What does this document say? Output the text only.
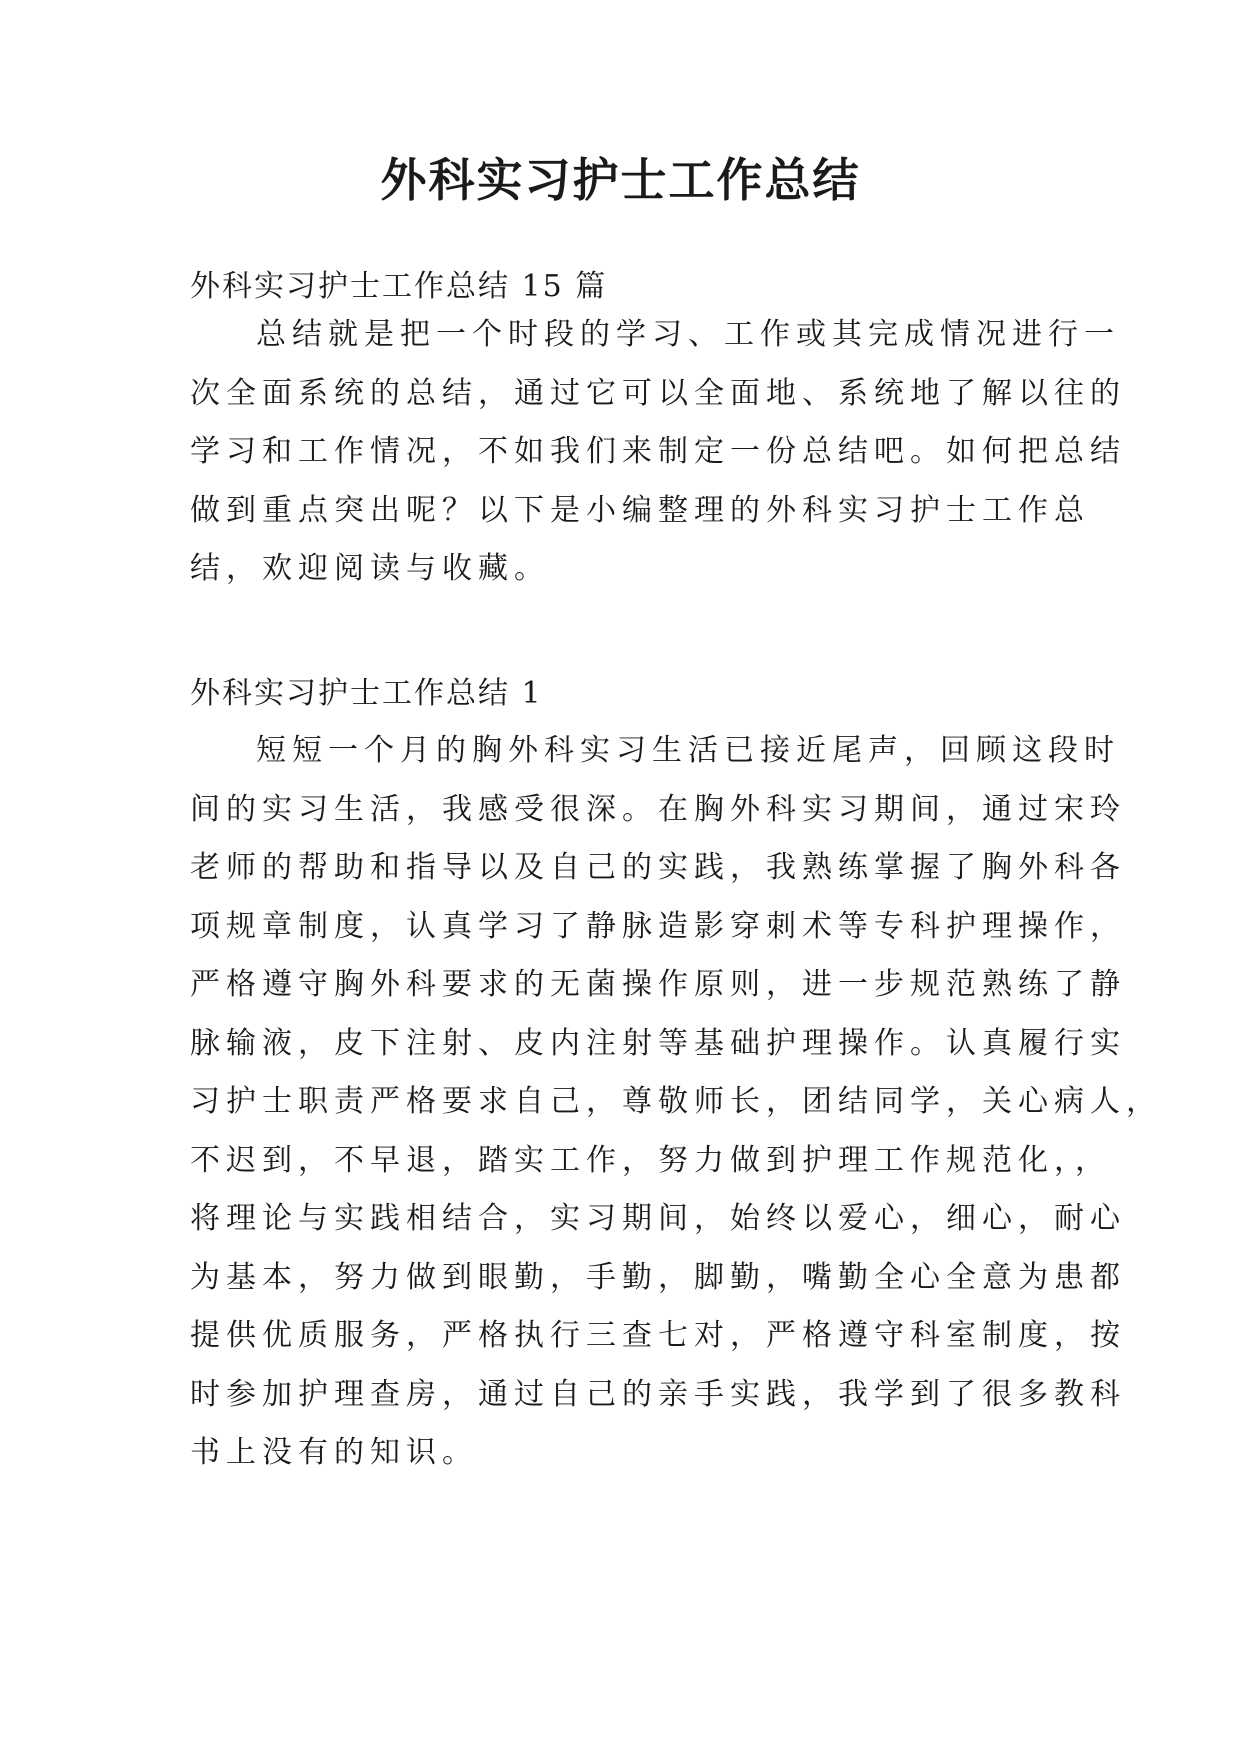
外科实习护士工作总结

外科实习护士工作总结 15 篇

总结就是把一个时段的学习、工作或其完成情况进行一
次全面系统的总结，通过它可以全面地、系统地了解以往的
学习和工作情况，不如我们来制定一份总结吧。如何把总结
做到重点突出呢？以下是小编整理的外科实习护士工作总
结，欢迎阅读与收藏。

外科实习护士工作总结 1

短短一个月的胸外科实习生活已接近尾声，回顾这段时
间的实习生活，我感受很深。在胸外科实习期间，通过宋玲
老师的帮助和指导以及自己的实践，我熟练掌握了胸外科各
项规章制度，认真学习了静脉造影穿刺术等专科护理操作，
严格遵守胸外科要求的无菌操作原则，进一步规范熟练了静
脉输液，皮下注射、皮内注射等基础护理操作。认真履行实
习护士职责严格要求自己，尊敬师长，团结同学，关心病人，
不迟到，不早退，踏实工作，努力做到护理工作规范化，，
将理论与实践相结合，实习期间，始终以爱心，细心，耐心
为基本，努力做到眼勤，手勤，脚勤，嘴勤全心全意为患都
提供优质服务，严格执行三查七对，严格遵守科室制度，按
时参加护理查房，通过自己的亲手实践，我学到了很多教科
书上没有的知识。
